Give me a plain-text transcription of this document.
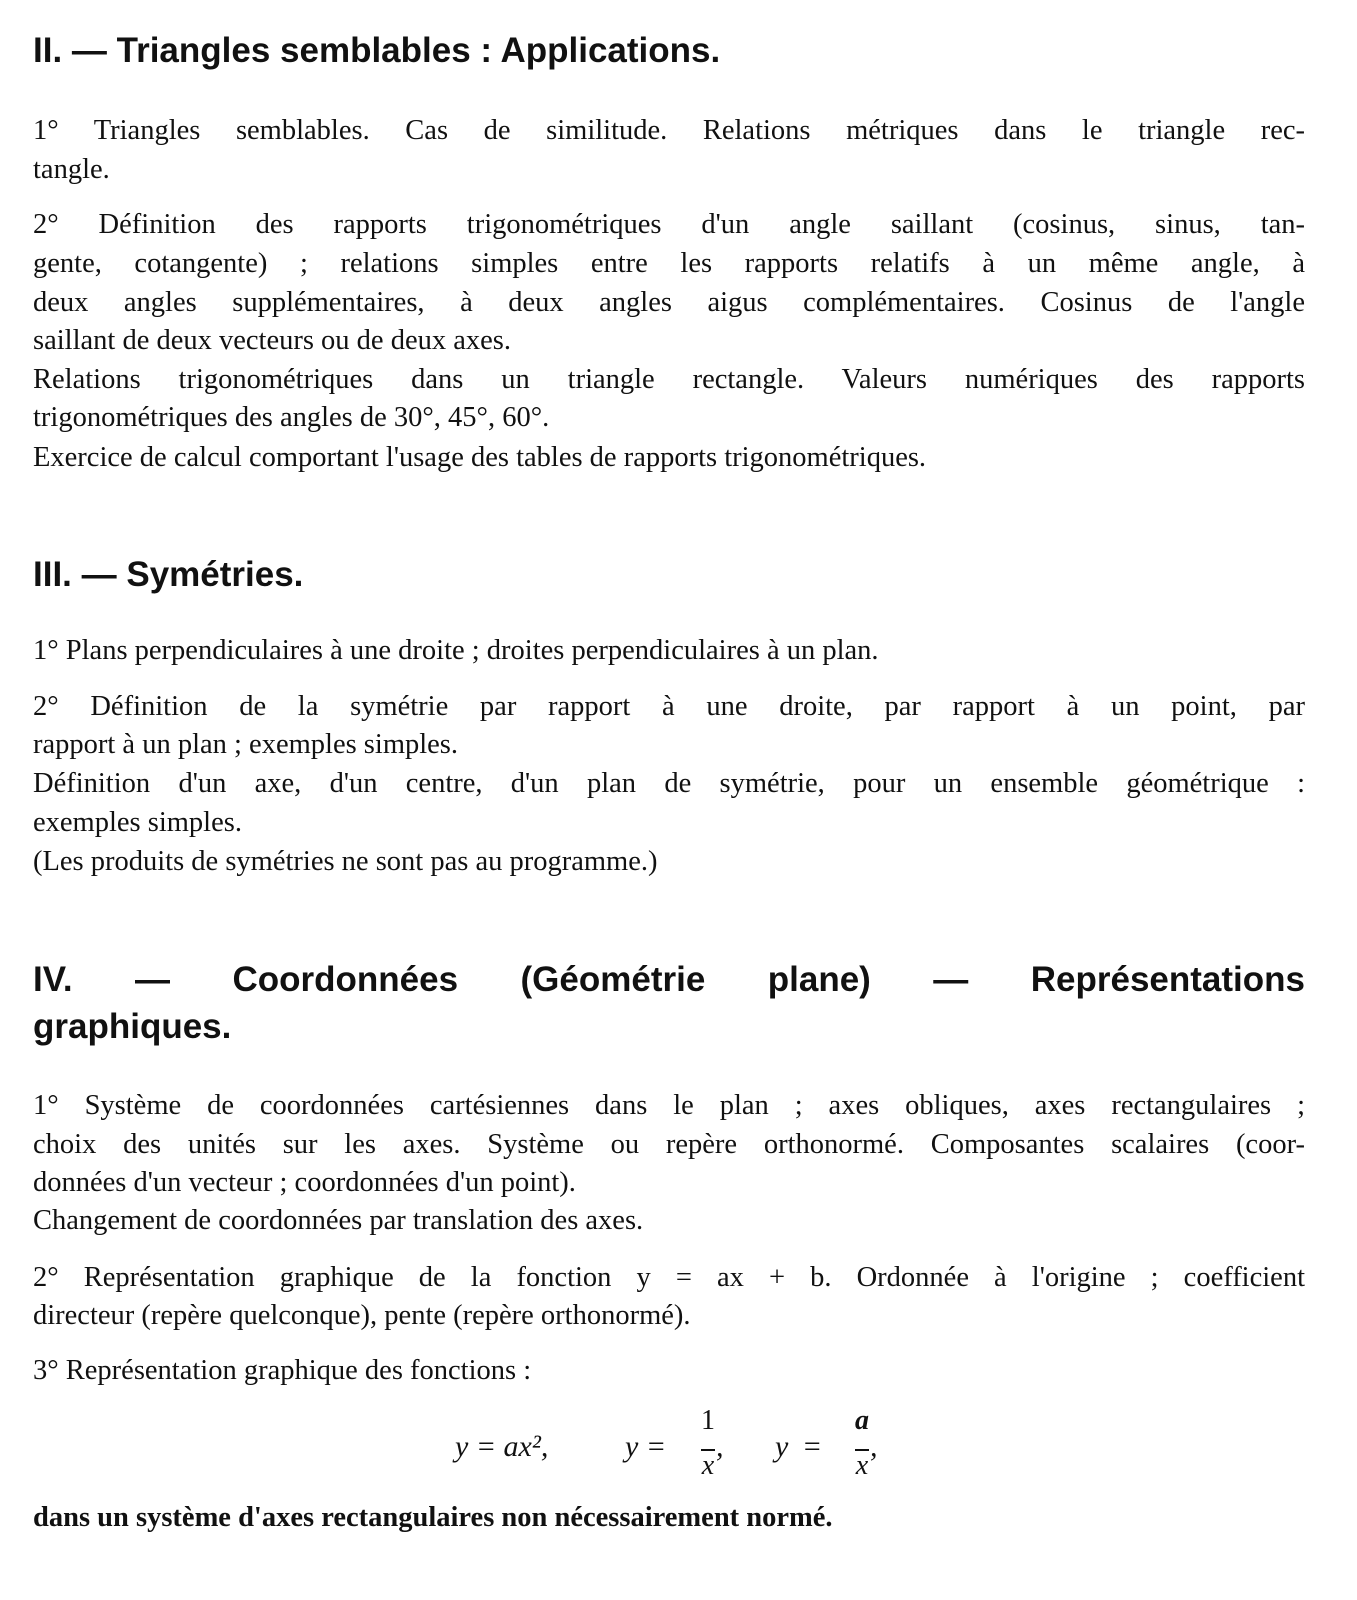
II. — Triangles semblables : Applications.
1° Triangles semblables. Cas de similitude. Relations métriques dans le triangle rec-
tangle.
2° Définition des rapports trigonométriques d'un angle saillant (cosinus, sinus, tan-
gente, cotangente) ; relations simples entre les rapports relatifs à un même angle, à
deux angles supplémentaires, à deux angles aigus complémentaires. Cosinus de l'angle
saillant de deux vecteurs ou de deux axes.
Relations trigonométriques dans un triangle rectangle. Valeurs numériques des rapports
trigonométriques des angles de 30°, 45°, 60°.
Exercice de calcul comportant l'usage des tables de rapports trigonométriques.
III. — Symétries.
1° Plans perpendiculaires à une droite ; droites perpendiculaires à un plan.
2° Définition de la symétrie par rapport à une droite, par rapport à un point, par
rapport à un plan ; exemples simples.
Définition d'un axe, d'un centre, d'un plan de symétrie, pour un ensemble géométrique :
exemples simples.
(Les produits de symétries ne sont pas au programme.)
IV. — Coordonnées (Géométrie plane) — Représentations
graphiques.
1° Système de coordonnées cartésiennes dans le plan ; axes obliques, axes rectangulaires ;
choix des unités sur les axes. Système ou repère orthonormé. Composantes scalaires (coor-
données d'un vecteur ; coordonnées d'un point).
Changement de coordonnées par translation des axes.
2° Représentation graphique de la fonction y = ax + b. Ordonnée à l'origine ; coefficient
directeur (repère quelconque), pente (repère orthonormé).
3° Représentation graphique des fonctions :
y = ax²,	y =
1
x
, y =
a
x
,
dans un système d'axes rectangulaires non nécessairement normé.
